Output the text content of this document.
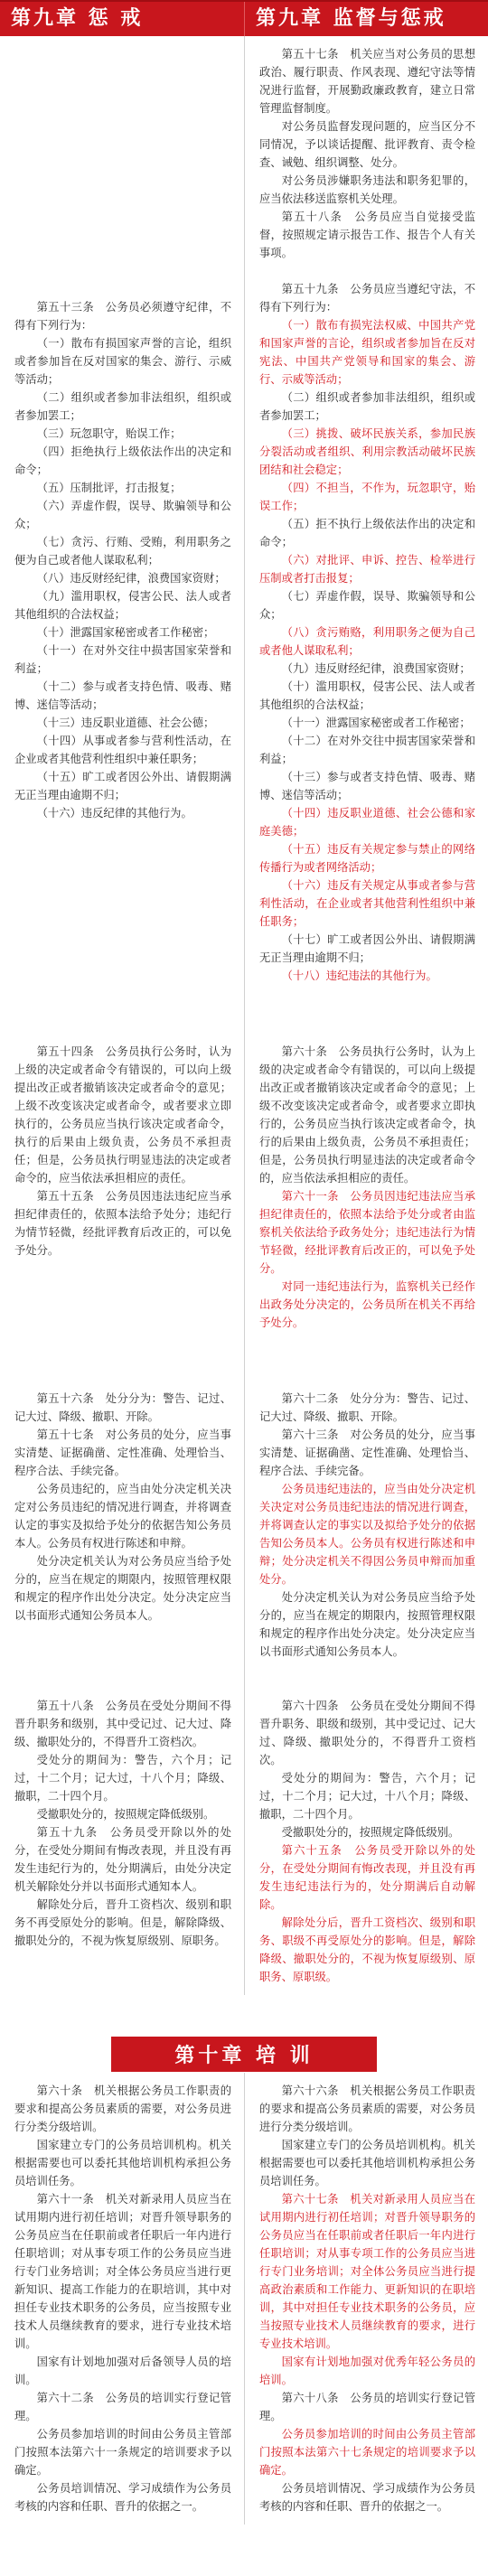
第九章 惩 戒	第九章 监督与惩戒

第五十七条　机关应当对公务员的思想政治、履行职责、作风表现、遵纪守法等情况进行监督，开展勤政廉政教育，建立日常管理监督制度。

对公务员监督发现问题的，应当区分不同情况，予以谈话提醒、批评教育、责令检查、诫勉、组织调整、处分。

对公务员涉嫌职务违法和职务犯罪的，应当依法移送监察机关处理。

第五十八条　公务员应当自觉接受监督，按照规定请示报告工作、报告个人有关事项。

第五十三条　公务员必须遵守纪律，不得有下列行为：

（一）散布有损国家声誉的言论，组织或者参加旨在反对国家的集会、游行、示威等活动；

（二）组织或者参加非法组织，组织或者参加罢工；

（三）玩忽职守，贻误工作；

（四）拒绝执行上级依法作出的决定和命令；

（五）压制批评，打击报复；

（六）弄虚作假，误导、欺骗领导和公众；

（七）贪污、行贿、受贿，利用职务之便为自己或者他人谋取私利；

（八）违反财经纪律，浪费国家资财；

（九）滥用职权，侵害公民、法人或者其他组织的合法权益；

（十）泄露国家秘密或者工作秘密；

（十一）在对外交往中损害国家荣誉和利益；

（十二）参与或者支持色情、吸毒、赌博、迷信等活动；

（十三）违反职业道德、社会公德；

（十四）从事或者参与营利性活动，在企业或者其他营利性组织中兼任职务；

（十五）旷工或者因公外出、请假期满无正当理由逾期不归；

（十六）违反纪律的其他行为。

第五十九条　公务员应当遵纪守法，不得有下列行为：

（一）散布有损宪法权威、中国共产党和国家声誉的言论，组织或者参加旨在反对宪法、中国共产党领导和国家的集会、游行、示威等活动；

（二）组织或者参加非法组织，组织或者参加罢工；

（三）挑拨、破坏民族关系，参加民族分裂活动或者组织、利用宗教活动破坏民族团结和社会稳定；

（四）不担当，不作为，玩忽职守，贻误工作；

（五）拒不执行上级依法作出的决定和命令；

（六）对批评、申诉、控告、检举进行压制或者打击报复；

（七）弄虚作假，误导、欺骗领导和公众；

（八）贪污贿赂，利用职务之便为自己或者他人谋取私利；

（九）违反财经纪律，浪费国家资财；

（十）滥用职权，侵害公民、法人或者其他组织的合法权益；

（十一）泄露国家秘密或者工作秘密；

（十二）在对外交往中损害国家荣誉和利益；

（十三）参与或者支持色情、吸毒、赌博、迷信等活动；

（十四）违反职业道德、社会公德和家庭美德；

（十五）违反有关规定参与禁止的网络传播行为或者网络活动；

（十六）违反有关规定从事或者参与营利性活动，在企业或者其他营利性组织中兼任职务；

（十七）旷工或者因公外出、请假期满无正当理由逾期不归；

（十八）违纪违法的其他行为。

第五十四条　公务员执行公务时，认为上级的决定或者命令有错误的，可以向上级提出改正或者撤销该决定或者命令的意见；上级不改变该决定或者命令，或者要求立即执行的，公务员应当执行该决定或者命令，执行的后果由上级负责，公务员不承担责任；但是，公务员执行明显违法的决定或者命令的，应当依法承担相应的责任。

第五十五条　公务员因违法违纪应当承担纪律责任的，依照本法给予处分；违纪行为情节轻微，经批评教育后改正的，可以免予处分。

第六十条　公务员执行公务时，认为上级的决定或者命令有错误的，可以向上级提出改正或者撤销该决定或者命令的意见；上级不改变该决定或者命令，或者要求立即执行的，公务员应当执行该决定或者命令，执行的后果由上级负责，公务员不承担责任；但是，公务员执行明显违法的决定或者命令的，应当依法承担相应的责任。

第六十一条　公务员因违纪违法应当承担纪律责任的，依照本法给予处分或者由监察机关依法给予政务处分；违纪违法行为情节轻微，经批评教育后改正的，可以免予处分。

对同一违纪违法行为，监察机关已经作出政务处分决定的，公务员所在机关不再给予处分。

第五十六条　处分分为：警告、记过、记大过、降级、撤职、开除。

第五十七条　对公务员的处分，应当事实清楚、证据确凿、定性准确、处理恰当、程序合法、手续完备。

公务员违纪的，应当由处分决定机关决定对公务员违纪的情况进行调查，并将调查认定的事实及拟给予处分的依据告知公务员本人。公务员有权进行陈述和申辩。

处分决定机关认为对公务员应当给予处分的，应当在规定的期限内，按照管理权限和规定的程序作出处分决定。处分决定应当以书面形式通知公务员本人。

第六十二条　处分分为：警告、记过、记大过、降级、撤职、开除。

第六十三条　对公务员的处分，应当事实清楚、证据确凿、定性准确、处理恰当、程序合法、手续完备。

公务员违纪违法的，应当由处分决定机关决定对公务员违纪违法的情况进行调查，并将调查认定的事实以及拟给予处分的依据告知公务员本人。公务员有权进行陈述和申辩；处分决定机关不得因公务员申辩而加重处分。

处分决定机关认为对公务员应当给予处分的，应当在规定的期限内，按照管理权限和规定的程序作出处分决定。处分决定应当以书面形式通知公务员本人。

第五十八条　公务员在受处分期间不得晋升职务和级别，其中受记过、记大过、降级、撤职处分的，不得晋升工资档次。

受处分的期间为：警告，六个月；记过，十二个月；记大过，十八个月；降级、撤职，二十四个月。

受撤职处分的，按照规定降低级别。

第五十九条　公务员受开除以外的处分，在受处分期间有悔改表现，并且没有再发生违纪行为的，处分期满后，由处分决定机关解除处分并以书面形式通知本人。

解除处分后，晋升工资档次、级别和职务不再受原处分的影响。但是，解除降级、撤职处分的，不视为恢复原级别、原职务。

第六十四条　公务员在受处分期间不得晋升职务、职级和级别，其中受记过、记大过、降级、撤职处分的，不得晋升工资档次。

受处分的期间为：警告，六个月；记过，十二个月；记大过，十八个月；降级、撤职，二十四个月。

受撤职处分的，按照规定降低级别。

第六十五条　公务员受开除以外的处分，在受处分期间有悔改表现，并且没有再发生违纪违法行为的，处分期满后自动解除。

解除处分后，晋升工资档次、级别和职务、职级不再受原处分的影响。但是，解除降级、撤职处分的，不视为恢复原级别、原职务、原职级。

第十章 培 训

第六十条　机关根据公务员工作职责的要求和提高公务员素质的需要，对公务员进行分类分级培训。

国家建立专门的公务员培训机构。机关根据需要也可以委托其他培训机构承担公务员培训任务。

第六十一条　机关对新录用人员应当在试用期内进行初任培训；对晋升领导职务的公务员应当在任职前或者任职后一年内进行任职培训；对从事专项工作的公务员应当进行专门业务培训；对全体公务员应当进行更新知识、提高工作能力的在职培训，其中对担任专业技术职务的公务员，应当按照专业技术人员继续教育的要求，进行专业技术培训。

国家有计划地加强对后备领导人员的培训。

第六十二条　公务员的培训实行登记管理。

公务员参加培训的时间由公务员主管部门按照本法第六十一条规定的培训要求予以确定。

公务员培训情况、学习成绩作为公务员考核的内容和任职、晋升的依据之一。

第六十六条　机关根据公务员工作职责的要求和提高公务员素质的需要，对公务员进行分类分级培训。

国家建立专门的公务员培训机构。机关根据需要也可以委托其他培训机构承担公务员培训任务。

第六十七条　机关对新录用人员应当在试用期内进行初任培训；对晋升领导职务的公务员应当在任职前或者任职后一年内进行任职培训；对从事专项工作的公务员应当进行专门业务培训；对全体公务员应当进行提高政治素质和工作能力、更新知识的在职培训，其中对担任专业技术职务的公务员，应当按照专业技术人员继续教育的要求，进行专业技术培训。

国家有计划地加强对优秀年轻公务员的培训。

第六十八条　公务员的培训实行登记管理。

公务员参加培训的时间由公务员主管部门按照本法第六十七条规定的培训要求予以确定。

公务员培训情况、学习成绩作为公务员考核的内容和任职、晋升的依据之一。
